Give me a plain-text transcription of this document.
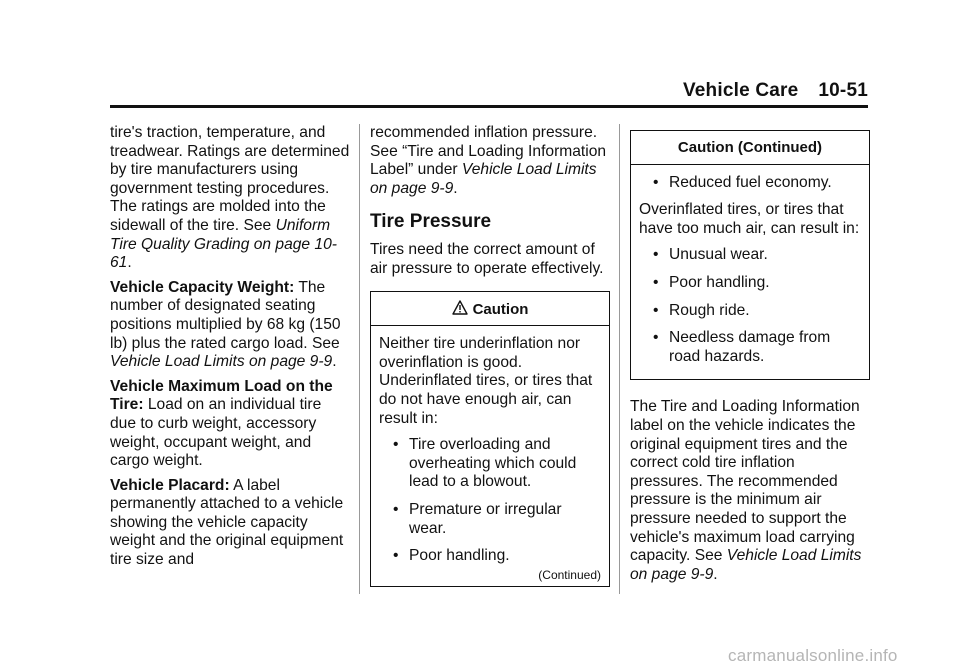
Vehicle Care 10-51

tire's traction, temperature, and treadwear. Ratings are determined by tire manufacturers using government testing procedures. The ratings are molded into the sidewall of the tire. See Uniform Tire Quality Grading on page 10-61.

Vehicle Capacity Weight: The number of designated seating positions multiplied by 68 kg (150 lb) plus the rated cargo load. See Vehicle Load Limits on page 9-9.

Vehicle Maximum Load on the Tire: Load on an individual tire due to curb weight, accessory weight, occupant weight, and cargo weight.

Vehicle Placard: A label permanently attached to a vehicle showing the vehicle capacity weight and the original equipment tire size and

recommended inflation pressure. See “Tire and Loading Information Label” under Vehicle Load Limits on page 9-9.

Tire Pressure

Tires need the correct amount of air pressure to operate effectively.

Caution

Neither tire underinflation nor overinflation is good. Underinflated tires, or tires that do not have enough air, can result in:

• Tire overloading and overheating which could lead to a blowout.
• Premature or irregular wear.
• Poor handling.
(Continued)
Caution (Continued)
• Reduced fuel economy.

Overinflated tires, or tires that have too much air, can result in:

• Unusual wear.
• Poor handling.
• Rough ride.
• Needless damage from road hazards.

The Tire and Loading Information label on the vehicle indicates the original equipment tires and the correct cold tire inflation pressures. The recommended pressure is the minimum air pressure needed to support the vehicle's maximum load carrying capacity. See Vehicle Load Limits on page 9-9.

carmanualsonline.info
